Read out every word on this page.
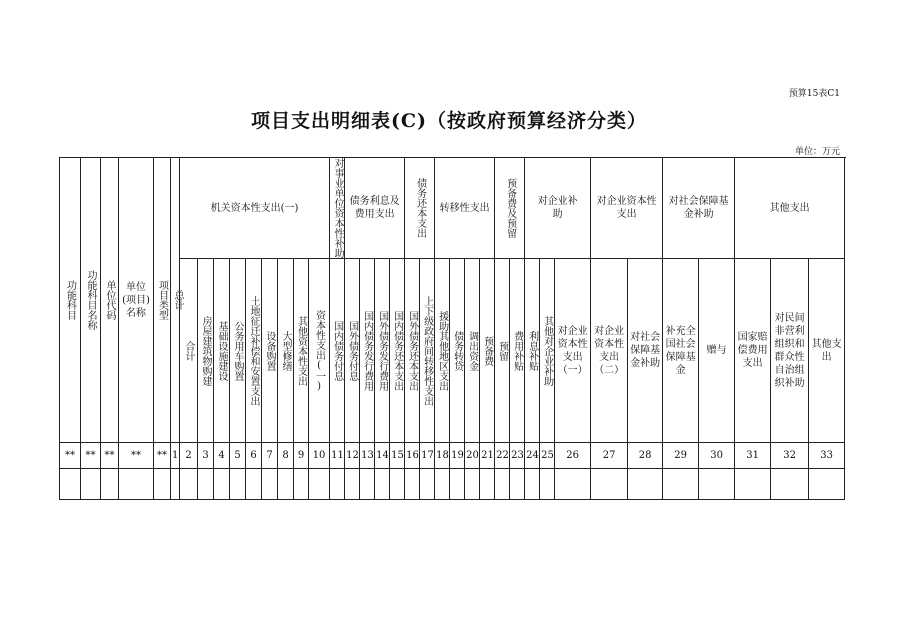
预算15表C1
项目支出明细表(C)（按政府预算经济分类）
单位：万元
功能科目	功能科目名称	单位代码	单位(项目)名称	项目类型	总计	机关资本性支出(一)									对事业单位资本性补助	债务利息及费用支出				债务还本支出		转移性支出				预备费及预留		对企业补助			对企业资本性支出		对社会保障基金补助		其他支出		

						合计	房屋建筑物购建	基础设施建设	公务用车购置	土地征迁补偿和安置支出	设备购置	大型修缮	其他资本性支出	资本性支出(一)	国内债务付息	国外债务付息	国内债务发行费用	国外债务发行费用	国内债务还本支出	国外债务还本支出	上下级政府间转移性支出	援助其他地区支出	债务转贷	调出资金	预备费	预留	费用补贴	利息补贴	其他对企业补助	对企业资本性支出（一）	对企业资本性支出（二）	对社会保障基金补助	补充全国社会保障基金	赠与	国家赔偿费用支出	对民间非营利组织和群众性自治组织补助	其他支出
**	**	**	**	**	1	2	3	4	5	6	7	8	9	10	11	12	13	14	15	16	17	18	19	20	21	22	23	24	25	26	27	28	29	30	31	32	33
